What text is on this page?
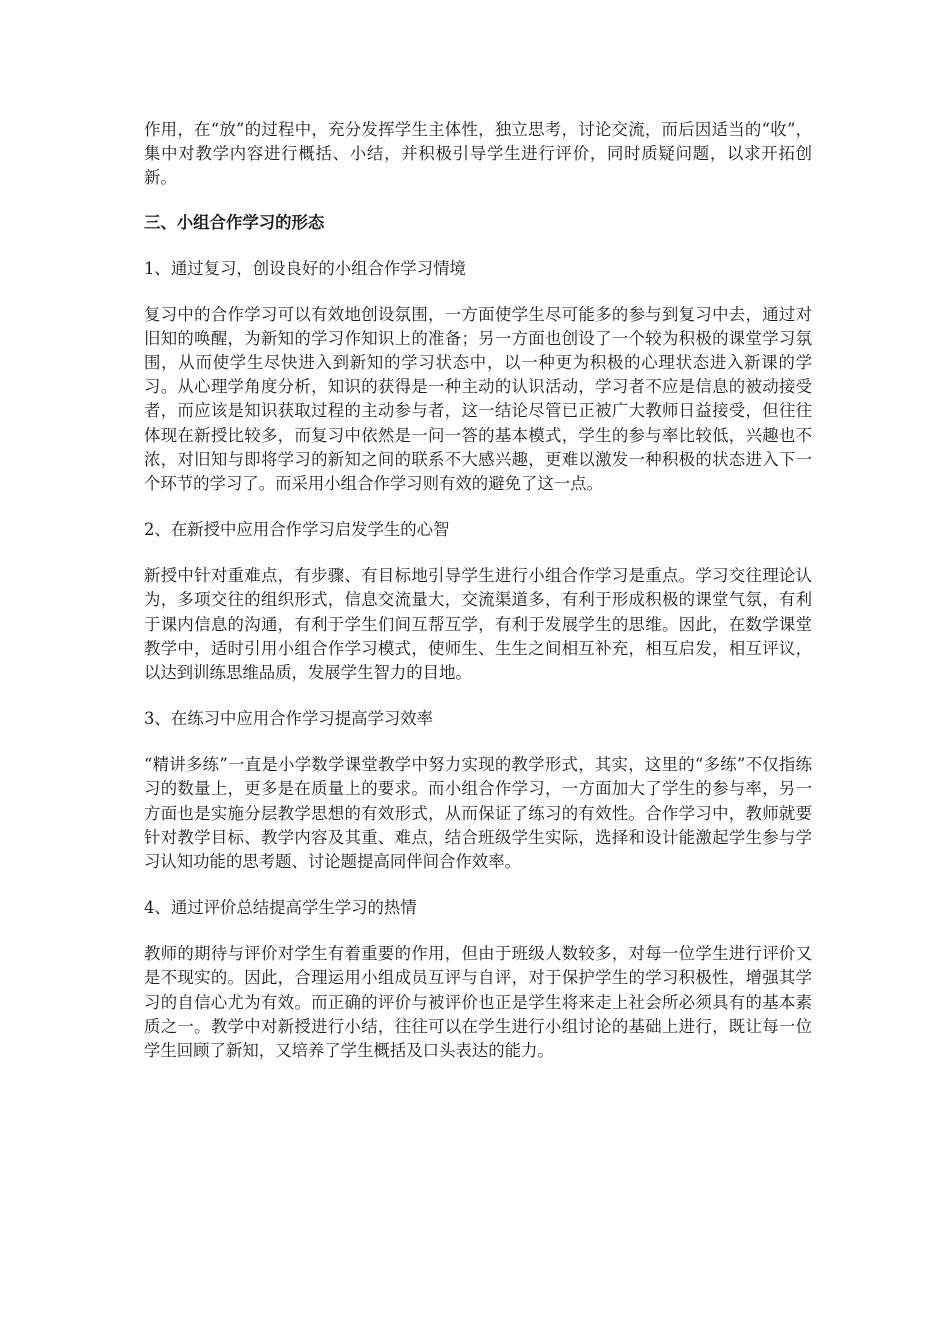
作用，在“放”的过程中，充分发挥学生主体性，独立思考，讨论交流，而后因适当的“收”，集中对教学内容进行概括、小结，并积极引导学生进行评价，同时质疑问题，以求开拓创新。

三、小组合作学习的形态

1、通过复习，创设良好的小组合作学习情境

复习中的合作学习可以有效地创设氛围，一方面使学生尽可能多的参与到复习中去，通过对旧知的唤醒，为新知的学习作知识上的准备；另一方面也创设了一个较为积极的课堂学习氛围，从而使学生尽快进入到新知的学习状态中，以一种更为积极的心理状态进入新课的学习。从心理学角度分析，知识的获得是一种主动的认识活动，学习者不应是信息的被动接受者，而应该是知识获取过程的主动参与者，这一结论尽管已正被广大教师日益接受，但往往体现在新授比较多，而复习中依然是一问一答的基本模式，学生的参与率比较低，兴趣也不浓，对旧知与即将学习的新知之间的联系不大感兴趣，更难以激发一种积极的状态进入下一个环节的学习了。而采用小组合作学习则有效的避免了这一点。

2、在新授中应用合作学习启发学生的心智

新授中针对重难点，有步骤、有目标地引导学生进行小组合作学习是重点。学习交往理论认为，多项交往的组织形式，信息交流量大，交流渠道多，有利于形成积极的课堂气氛，有利于课内信息的沟通，有利于学生们间互帮互学，有利于发展学生的思维。因此，在数学课堂教学中，适时引用小组合作学习模式，使师生、生生之间相互补充，相互启发，相互评议，以达到训练思维品质，发展学生智力的目地。

3、在练习中应用合作学习提高学习效率

“精讲多练”一直是小学数学课堂教学中努力实现的教学形式，其实，这里的“多练”不仅指练习的数量上，更多是在质量上的要求。而小组合作学习，一方面加大了学生的参与率，另一方面也是实施分层教学思想的有效形式，从而保证了练习的有效性。合作学习中，教师就要针对教学目标、教学内容及其重、难点，结合班级学生实际，选择和设计能激起学生参与学习认知功能的思考题、讨论题提高同伴间合作效率。

4、通过评价总结提高学生学习的热情

教师的期待与评价对学生有着重要的作用，但由于班级人数较多，对每一位学生进行评价又是不现实的。因此，合理运用小组成员互评与自评，对于保护学生的学习积极性，增强其学习的自信心尤为有效。而正确的评价与被评价也正是学生将来走上社会所必须具有的基本素质之一。教学中对新授进行小结，往往可以在学生进行小组讨论的基础上进行，既让每一位学生回顾了新知，又培养了学生概括及口头表达的能力。
